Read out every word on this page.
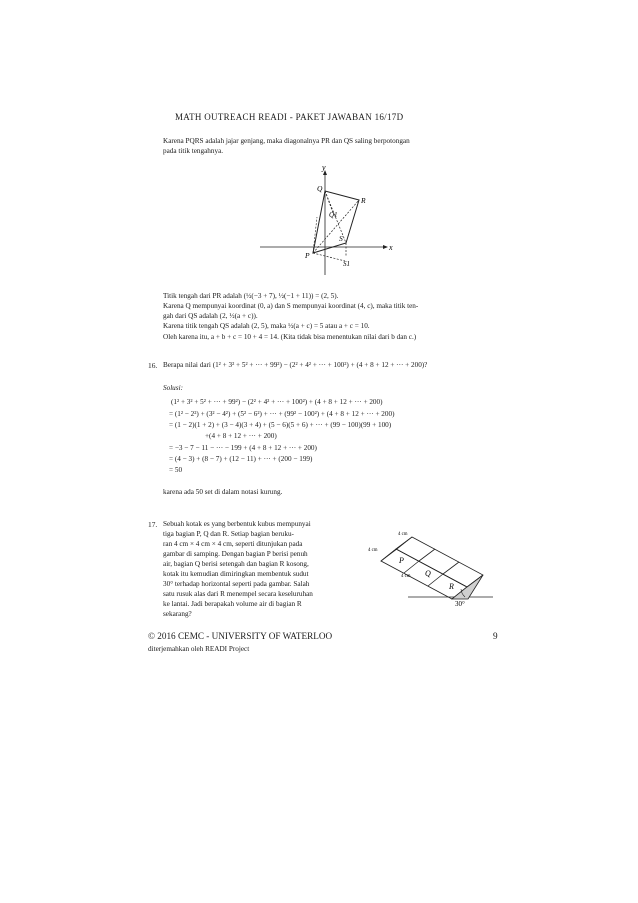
MATH OUTREACH READI - PAKET JAWABAN 16/17D
Karena PQRS adalah jajar genjang, maka diagonalnya PR dan QS saling berpotongan
pada titik tengahnya.
x
y
Q
Q1
R
S
S1
P
Titik tengah dari PR adalah (½(−3 + 7), ½(−1 + 11)) = (2, 5).
Karena Q mempunyai koordinat (0, a) dan S mempunyai koordinat (4, c), maka titik ten-
gah dari QS adalah (2, ½(a + c)).
Karena titik tengah QS adalah (2, 5), maka ½(a + c) = 5 atau a + c = 10.
Oleh karena itu, a + b + c = 10 + 4 = 14. (Kita tidak bisa menentukan nilai dari b dan c.)
16. Berapa nilai dari (1² + 3² + 5² + ··· + 99²) − (2² + 4² + ··· + 100²) + (4 + 8 + 12 + ··· + 200)?
Solusi:
(1² + 3² + 5² + ··· + 99²) − (2² + 4² + ··· + 100²) + (4 + 8 + 12 + ··· + 200)
= (1² − 2²) + (3² − 4²) + (5² − 6²) + ··· + (99² − 100²) + (4 + 8 + 12 + ··· + 200)
= (1 − 2)(1 + 2) + (3 − 4)(3 + 4) + (5 − 6)(5 + 6) + ··· + (99 − 100)(99 + 100)
+(4 + 8 + 12 + ··· + 200)
= −3 − 7 − 11 − ··· − 199 + (4 + 8 + 12 + ··· + 200)
= (4 − 3) + (8 − 7) + (12 − 11) + ··· + (200 − 199)
= 50
karena ada 50 set di dalam notasi kurung.
17. Sebuah kotak es yang berbentuk kubus mempunyai
tiga bagian P, Q dan R. Setiap bagian beruku-
ran 4 cm × 4 cm × 4 cm, seperti ditunjukan pada
gambar di samping. Dengan bagian P berisi penuh
air, bagian Q berisi setengah dan bagian R kosong,
kotak itu kemudian dimiringkan membentuk sudut
30° terhadap horizontal seperti pada gambar. Salah
satu rusuk alas dari R menempel secara keseluruhan
ke lantai. Jadi berapakah volume air di bagian R
sekarang?
P
Q
R
4 cm
4 cm
4 cm
30°
© 2016 CEMC - UNIVERSITY OF WATERLOO	9
diterjemahkan oleh READI Project
